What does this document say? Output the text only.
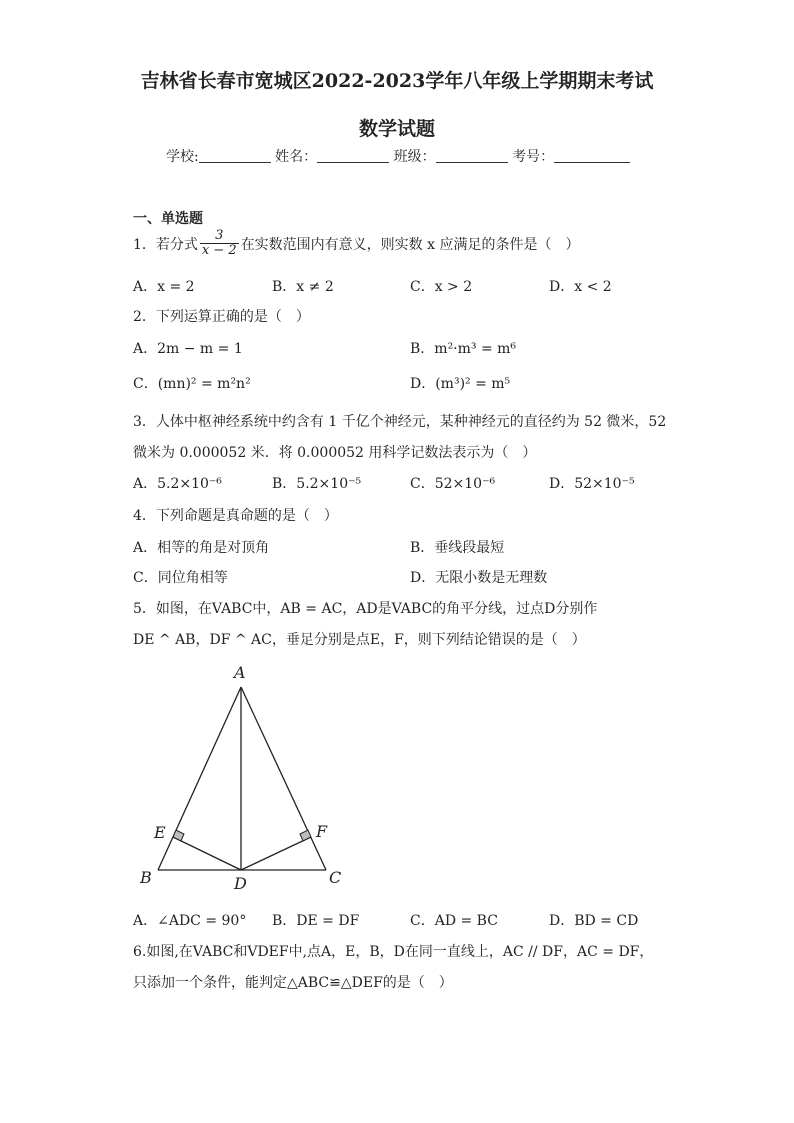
吉林省长春市宽城区2022-2023学年八年级上学期期末考试
数学试题
学校:	姓名：	班级：	考号：
一、单选题
1．若分式 $\frac{3}{x - 2}$ 在实数范围内有意义，则实数 x 应满足的条件是（　）
A．x = 2	B．x ≠ 2	C．x > 2	D．x < 2
2．下列运算正确的是（　）
A．2m − m = 1	B．m²·m³ = m⁶
C．(mn)² = m²n²	D．(m³)² = m⁵
3．人体中枢神经系统中约含有 1 千亿个神经元，某种神经元的直径约为 52 微米，52
微米为 0.000052 米．将 0.000052 用科学记数法表示为（　）
A．5.2×10⁻⁶	B．5.2×10⁻⁵	C．52×10⁻⁶	D．52×10⁻⁵
4．下列命题是真命题的是（　）
A．相等的角是对顶角	B．垂线段最短
C．同位角相等	D．无限小数是无理数
5．如图，在VABC中，AB = AC，AD是VABC的角平分线，过点D分别作
DE ^ AB，DF ^ AC，垂足分别是点E，F，则下列结论错误的是（　）
A
B	C
D
E	F
A．∠ADC = 90° B．DE = DF	C．AD = BC	D．BD = CD
6.如图,在VABC和VDEF中,点A，E，B，D在同一直线上，AC // DF，AC = DF，
只添加一个条件，能判定△ABC≌△DEF的是（　）
